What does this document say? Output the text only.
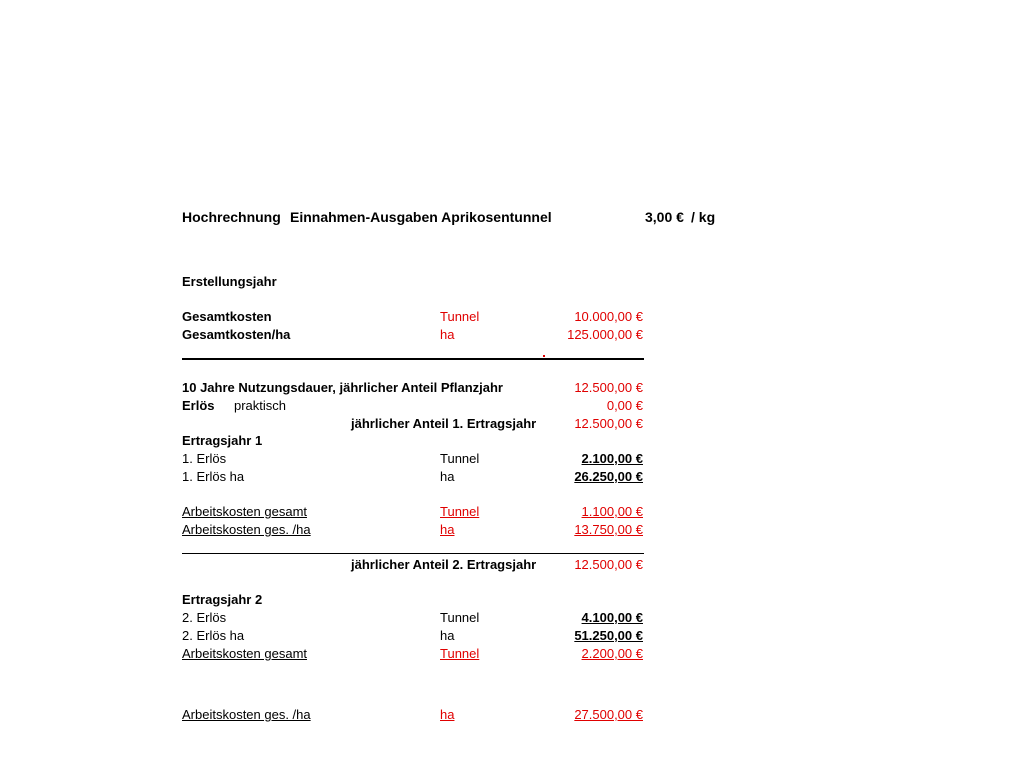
Hochrechnung Einnahmen-Ausgaben Aprikosentunnel	3,00 € / kg
Erstellungsjahr
Gesamtkosten	Tunnel	10.000,00 €
Gesamtkosten/ha	ha	125.000,00 €
10 Jahre Nutzungsdauer, jährlicher Anteil Pflanzjahr	12.500,00 €
Erlös praktisch	0,00 €
jährlicher Anteil 1. Ertragsjahr	12.500,00 €
Ertragsjahr 1
1. Erlös	Tunnel	2.100,00 €
1. Erlös ha	ha	26.250,00 €
Arbeitskosten gesamt	Tunnel	1.100,00 €
Arbeitskosten ges. /ha	ha	13.750,00 €
jährlicher Anteil 2. Ertragsjahr	12.500,00 €
Ertragsjahr 2
2. Erlös	Tunnel	4.100,00 €
2. Erlös ha	ha	51.250,00 €
Arbeitskosten gesamt	Tunnel	2.200,00 €
Arbeitskosten ges. /ha	ha	27.500,00 €
